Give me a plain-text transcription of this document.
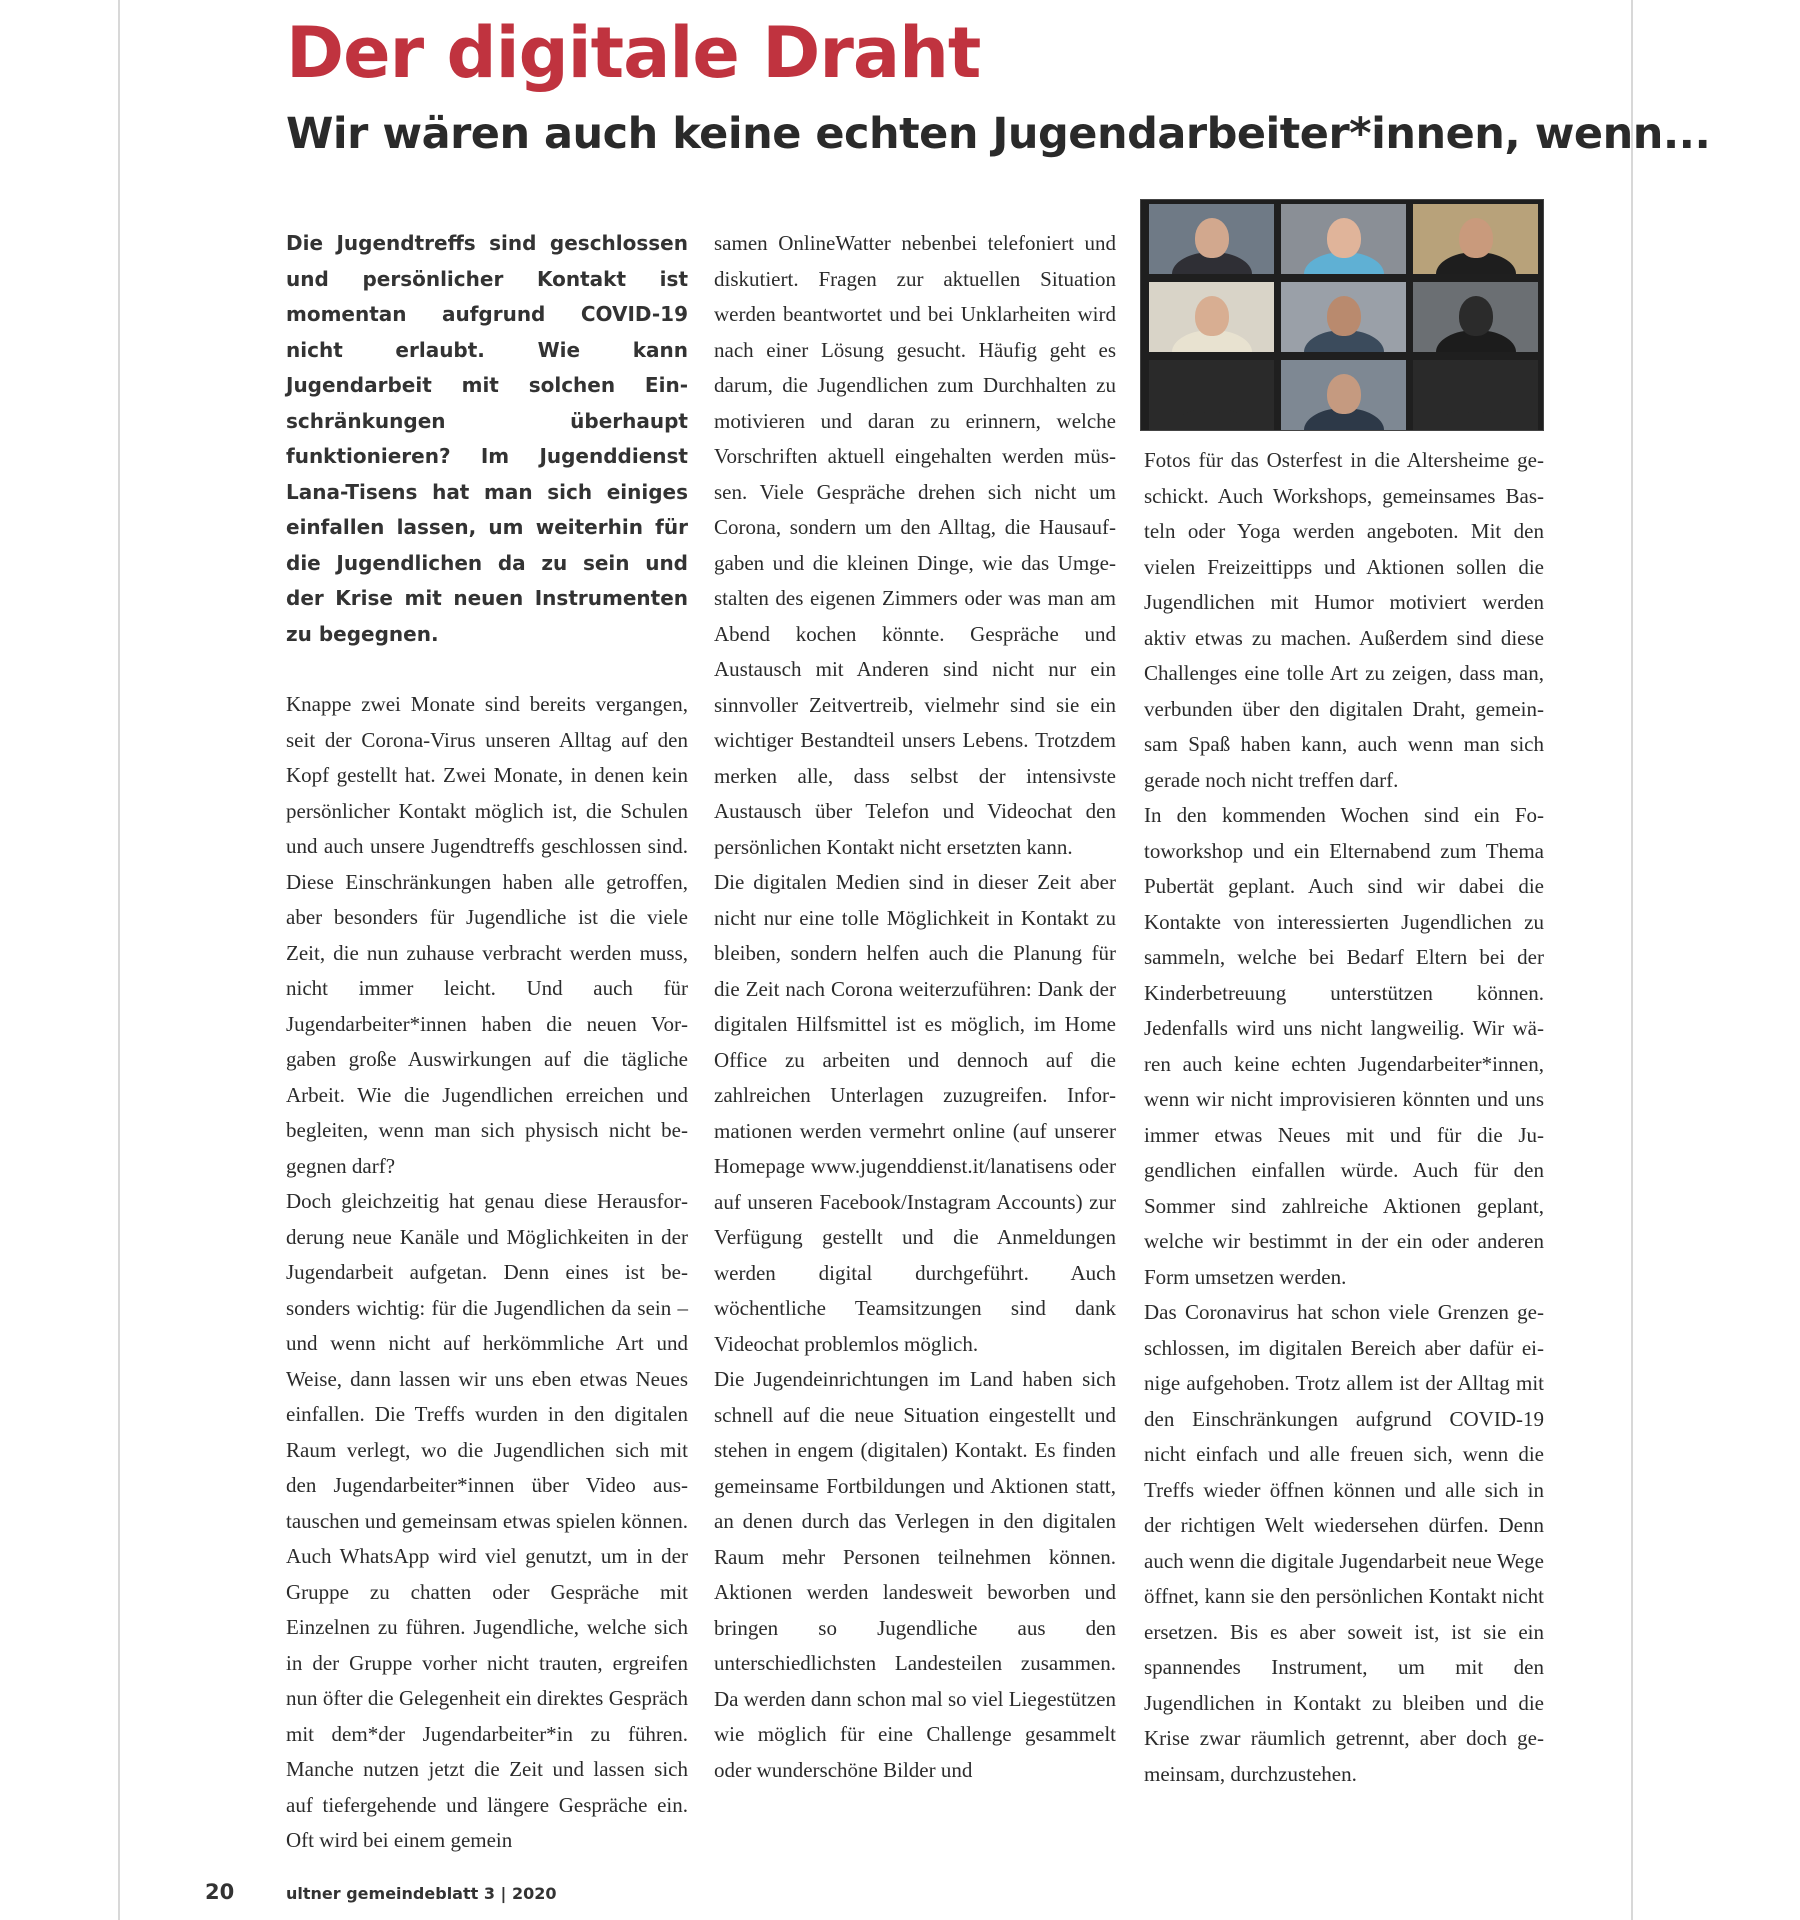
Der digitale Draht
Wir wären auch keine echten Jugendarbeiter*innen, wenn...

Die Jugendtreffs sind geschlossen und persönlicher Kontakt ist momentan aufgrund COVID-19 nicht erlaubt. Wie kann Jugendarbeit mit solchen Einschränkungen überhaupt funktionieren? Im Jugenddienst Lana-Tisens hat man sich einiges einfallen lassen, um weiterhin für die Jugendlichen da zu sein und der Krise mit neuen Instrumenten zu begegnen.

Knappe zwei Monate sind bereits vergangen, seit der Corona-Virus unseren Alltag auf den Kopf gestellt hat. Zwei Monate, in denen kein persönlicher Kontakt möglich ist, die Schulen und auch unsere Jugendtreffs geschlossen sind. Diese Einschränkungen haben alle getroffen, aber besonders für Jugendliche ist die viele Zeit, die nun zuhause verbracht werden muss, nicht immer leicht. Und auch für Jugendarbeiter*innen haben die neuen Vorgaben große Auswirkungen auf die tägliche Arbeit. Wie die Jugendlichen erreichen und begleiten, wenn man sich physisch nicht begegnen darf?

Doch gleichzeitig hat genau diese Herausforderung neue Kanäle und Möglichkeiten in der Jugendarbeit aufgetan. Denn eines ist besonders wichtig: für die Jugendlichen da sein – und wenn nicht auf herkömmliche Art und Weise, dann lassen wir uns eben etwas Neues einfallen. Die Treffs wurden in den digitalen Raum verlegt, wo die Jugendlichen sich mit den Jugendarbeiter*innen über Video austauschen und gemeinsam etwas spielen können. Auch WhatsApp wird viel genutzt, um in der Gruppe zu chatten oder Gespräche mit Einzelnen zu führen. Jugendliche, welche sich in der Gruppe vorher nicht trauten, ergreifen nun öfter die Gelegenheit ein direktes Gespräch mit dem*der Jugendarbeiter*in zu führen. Manche nutzen jetzt die Zeit und lassen sich auf tiefergehende und längere Gespräche ein. Oft wird bei einem gemein

samen OnlineWatter nebenbei telefoniert und diskutiert. Fragen zur aktuellen Situation werden beantwortet und bei Unklarheiten wird nach einer Lösung gesucht. Häufig geht es darum, die Jugendlichen zum Durchhalten zu motivieren und daran zu erinnern, welche Vorschriften aktuell eingehalten werden müssen. Viele Gespräche drehen sich nicht um Corona, sondern um den Alltag, die Hausaufgaben und die kleinen Dinge, wie das Umgestalten des eigenen Zimmers oder was man am Abend kochen könnte. Gespräche und Austausch mit Anderen sind nicht nur ein sinnvoller Zeitvertreib, vielmehr sind sie ein wichtiger Bestandteil unsers Lebens. Trotzdem merken alle, dass selbst der intensivste Austausch über Telefon und Videochat den persönlichen Kontakt nicht ersetzten kann.

Die digitalen Medien sind in dieser Zeit aber nicht nur eine tolle Möglichkeit in Kontakt zu bleiben, sondern helfen auch die Planung für die Zeit nach Corona weiterzuführen: Dank der digitalen Hilfsmittel ist es möglich, im Home Office zu arbeiten und dennoch auf die zahlreichen Unterlagen zuzugreifen. Informationen werden vermehrt online (auf unserer Homepage www.jugenddienst.it/lanatisens oder auf unseren Facebook/Instagram Accounts) zur Verfügung gestellt und die Anmeldungen werden digital durchgeführt. Auch wöchentliche Teamsitzungen sind dank Videochat problemlos möglich.

Die Jugendeinrichtungen im Land haben sich schnell auf die neue Situation eingestellt und stehen in engem (digitalen) Kontakt. Es finden gemeinsame Fortbildungen und Aktionen statt, an denen durch das Verlegen in den digitalen Raum mehr Personen teilnehmen können. Aktionen werden landesweit beworben und bringen so Jugendliche aus den unterschiedlichsten Landesteilen zusammen. Da werden dann schon mal so viel Liegestützen wie möglich für eine Challenge gesammelt oder wunderschöne Bilder und

Fotos für das Osterfest in die Altersheime geschickt. Auch Workshops, gemeinsames Basteln oder Yoga werden angeboten. Mit den vielen Freizeittipps und Aktionen sollen die Jugendlichen mit Humor motiviert werden aktiv etwas zu machen. Außerdem sind diese Challenges eine tolle Art zu zeigen, dass man, verbunden über den digitalen Draht, gemeinsam Spaß haben kann, auch wenn man sich gerade noch nicht treffen darf.

In den kommenden Wochen sind ein Fotoworkshop und ein Elternabend zum Thema Pubertät geplant. Auch sind wir dabei die Kontakte von interessierten Jugendlichen zu sammeln, welche bei Bedarf Eltern bei der Kinderbetreuung unterstützen können. Jedenfalls wird uns nicht langweilig. Wir wären auch keine echten Jugendarbeiter*innen, wenn wir nicht improvisieren könnten und uns immer etwas Neues mit und für die Jugendlichen einfallen würde. Auch für den Sommer sind zahlreiche Aktionen geplant, welche wir bestimmt in der ein oder anderen Form umsetzen werden.

Das Coronavirus hat schon viele Grenzen geschlossen, im digitalen Bereich aber dafür einige aufgehoben. Trotz allem ist der Alltag mit den Einschränkungen aufgrund COVID-19 nicht einfach und alle freuen sich, wenn die Treffs wieder öffnen können und alle sich in der richtigen Welt wiedersehen dürfen. Denn auch wenn die digitale Jugendarbeit neue Wege öffnet, kann sie den persönlichen Kontakt nicht ersetzen. Bis es aber soweit ist, ist sie ein spannendes Instrument, um mit den Jugendlichen in Kontakt zu bleiben und die Krise zwar räumlich getrennt, aber doch gemeinsam, durchzustehen.

20	ultner gemeindeblatt 3 | 2020
